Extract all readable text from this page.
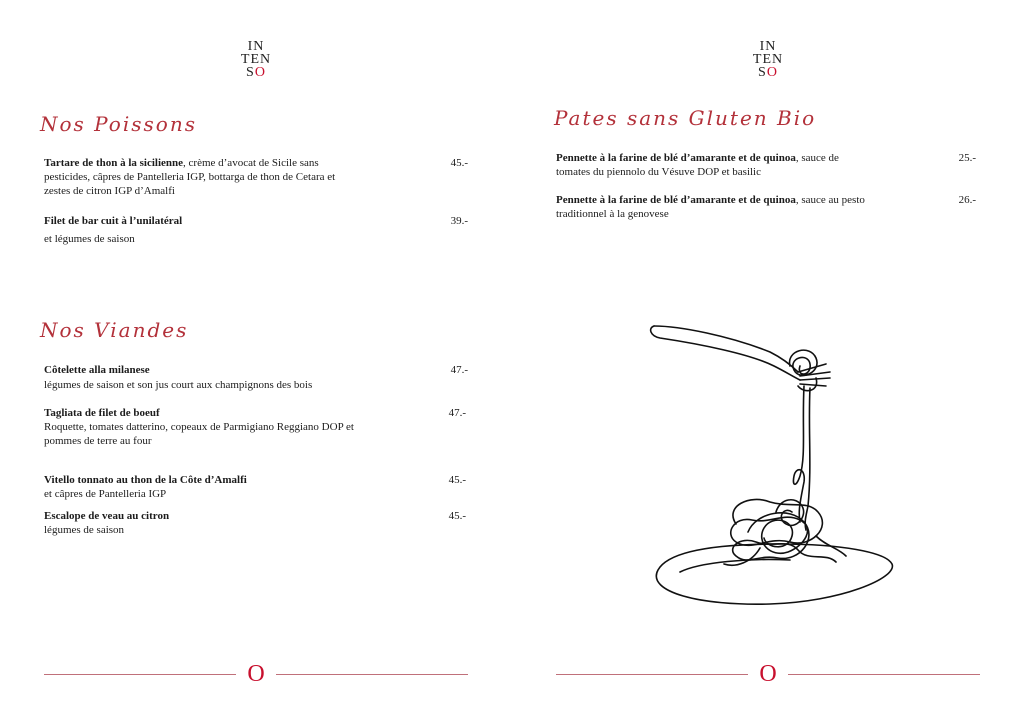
IN
TEN
SO
Nos Poissons
Tartare de thon à la sicilienne, crème d’avocat de Sicile sans pesticides, câpres de Pantelleria IGP, bottarga de thon de Cetara et zestes de citron IGP d’Amalfi
45.-
Filet de bar cuit à l’unilatéral
et légumes de saison
39.-
Nos Viandes
Côtelette alla milanese
légumes de saison et son jus court aux champignons des bois
47.-
Tagliata de filet de boeuf
Roquette, tomates datterino, copeaux de Parmigiano Reggiano DOP et pommes de terre au four
47.-
Vitello tonnato au thon de la Côte d’Amalfi
et câpres de Pantelleria IGP
45.-
Escalope de veau au citron
légumes de saison
45.-
O
IN
TEN
SO
Pates sans Gluten Bio
Pennette à la farine de blé d’amarante et de quinoa, sauce de tomates du piennolo du Vésuve DOP et basilic
25.-
Pennette à la farine de blé d’amarante et de quinoa, sauce au pesto traditionnel à la genovese
26.-
O
